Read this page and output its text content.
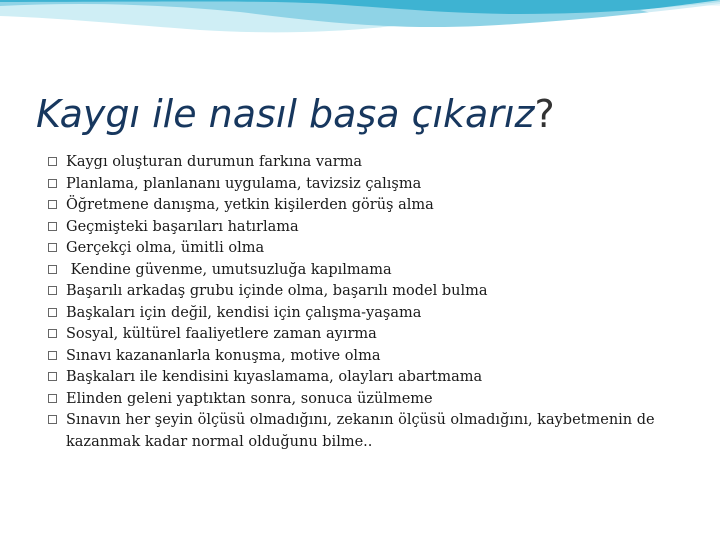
Kaygı ile nasıl başa çıkarız?
Kaygı oluşturan durumun farkına varma
Planlama, planlananı uygulama, tavizsiz çalışma
Öğretmene danışma, yetkin kişilerden görüş alma
Geçmişteki başarıları hatırlama
Gerçekçi olma, ümitli olma
Kendine güvenme, umutsuzluğa kapılmama
Başarılı arkadaş grubu içinde olma, başarılı model bulma
Başkaları için değil, kendisi için çalışma-yaşama
Sosyal, kültürel faaliyetlere zaman ayırma
Sınavı kazananlarla konuşma, motive olma
Başkaları ile kendisini kıyaslamama, olayları abartmama
Elinden geleni yaptıktan sonra, sonuca üzülmeme
Sınavın her şeyin ölçüsü olmadığını, zekanın ölçüsü olmadığını, kaybetmenin de kazanmak kadar normal olduğunu bilme..
